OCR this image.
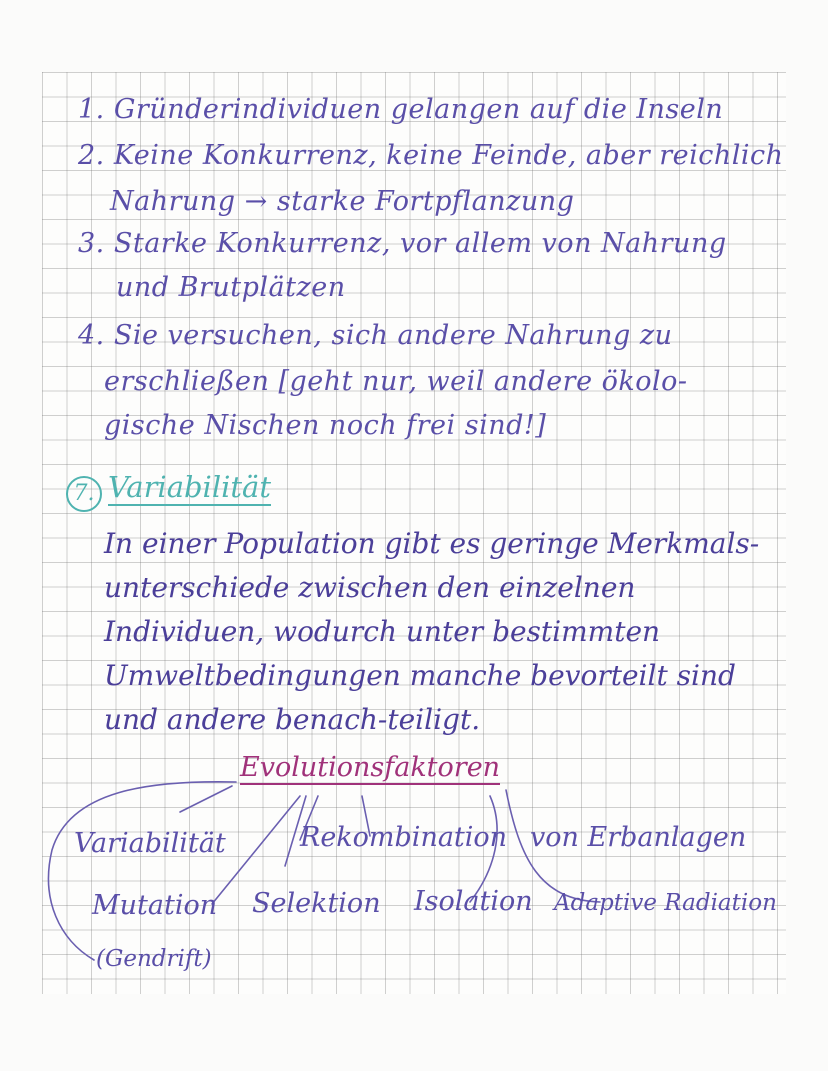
1. Gründerindividuen gelangen auf die Inseln
2. Keine Konkurrenz, keine Feinde, aber reichlich
Nahrung → starke Fortpflanzung
3. Starke Konkurrenz, vor allem von Nahrung
und Brutplätzen
4. Sie versuchen, sich andere Nahrung zu
erschließen [geht nur, weil andere ökolo-
gische Nischen noch frei sind!]
7. Variabilität
In einer Population gibt es geringe Merkmals-unterschiede zwischen den einzelnen Individuen, wodurch unter bestimmten Umweltbedingungen manche bevorteilt sind und andere benach-teiligt.
Evolutionsfaktoren
Variabilität	Rekombination von Erbanlagen
Mutation Selektion Isolation Adaptive Radiation
(Gendrift)
